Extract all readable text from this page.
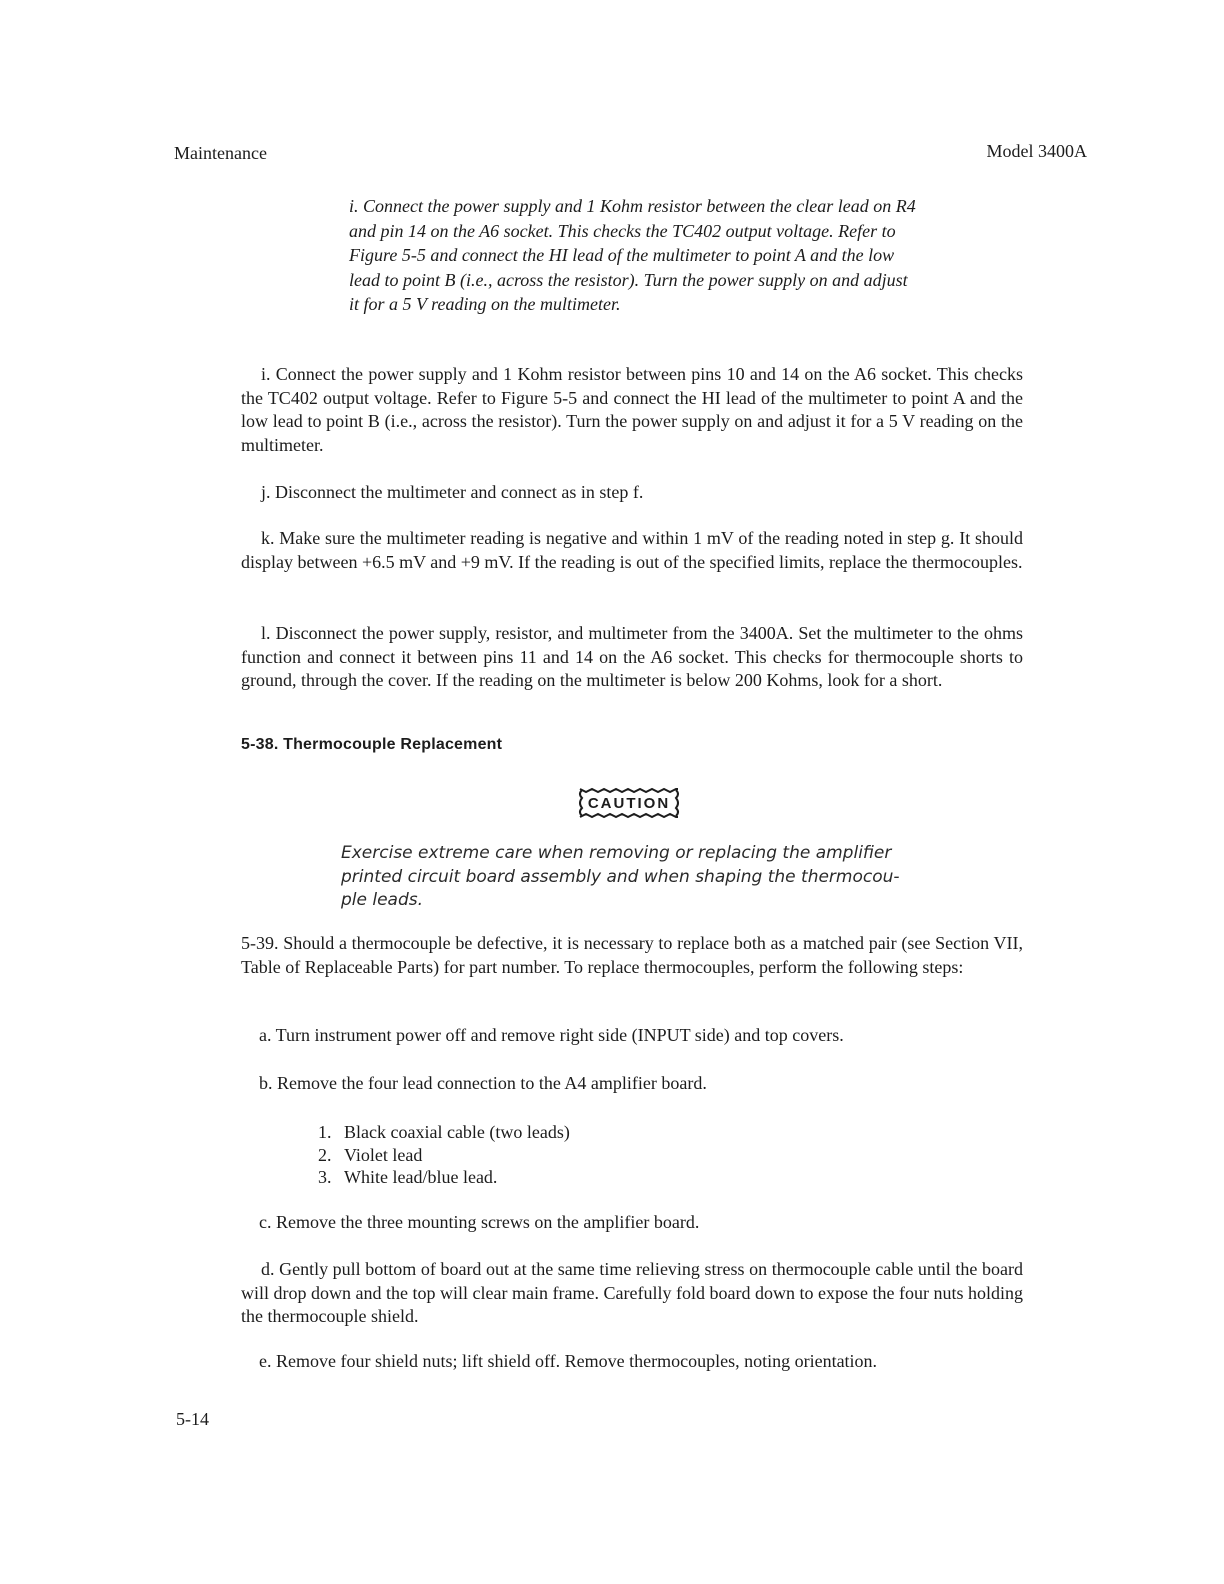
Maintenance	Model 3400A
i. Connect the power supply and 1 Kohm resistor between the clear lead on R4 and pin 14 on the A6 socket. This checks the TC402 output voltage. Refer to Figure 5-5 and connect the HI lead of the multimeter to point A and the low lead to point B (i.e., across the resistor). Turn the power supply on and adjust it for a 5 V reading on the multimeter.
i. Connect the power supply and 1 Kohm resistor between pins 10 and 14 on the A6 socket. This checks the TC402 output voltage. Refer to Figure 5-5 and connect the HI lead of the multimeter to point A and the low lead to point B (i.e., across the resistor). Turn the power supply on and adjust it for a 5 V reading on the multimeter.
j. Disconnect the multimeter and connect as in step f.
k. Make sure the multimeter reading is negative and within 1 mV of the reading noted in step g. It should display between +6.5 mV and +9 mV. If the reading is out of the specified limits, replace the thermocouples.
l. Disconnect the power supply, resistor, and multimeter from the 3400A. Set the multimeter to the ohms function and connect it between pins 11 and 14 on the A6 socket. This checks for thermocouple shorts to ground, through the cover. If the reading on the multimeter is below 200 Kohms, look for a short.
5-38. Thermocouple Replacement
CAUTION
Exercise extreme care when removing or replacing the amplifier printed circuit board assembly and when shaping the thermocou-ple leads.
5-39. Should a thermocouple be defective, it is necessary to replace both as a matched pair (see Section VII, Table of Replaceable Parts) for part number. To replace thermocouples, perform the following steps:
a. Turn instrument power off and remove right side (INPUT side) and top covers.
b. Remove the four lead connection to the A4 amplifier board.
1. Black coaxial cable (two leads)
2. Violet lead
3. White lead/blue lead.
c. Remove the three mounting screws on the amplifier board.
d. Gently pull bottom of board out at the same time relieving stress on thermocouple cable until the board will drop down and the top will clear main frame. Carefully fold board down to expose the four nuts holding the thermocouple shield.
e. Remove four shield nuts; lift shield off. Remove thermocouples, noting orientation.
5-14
